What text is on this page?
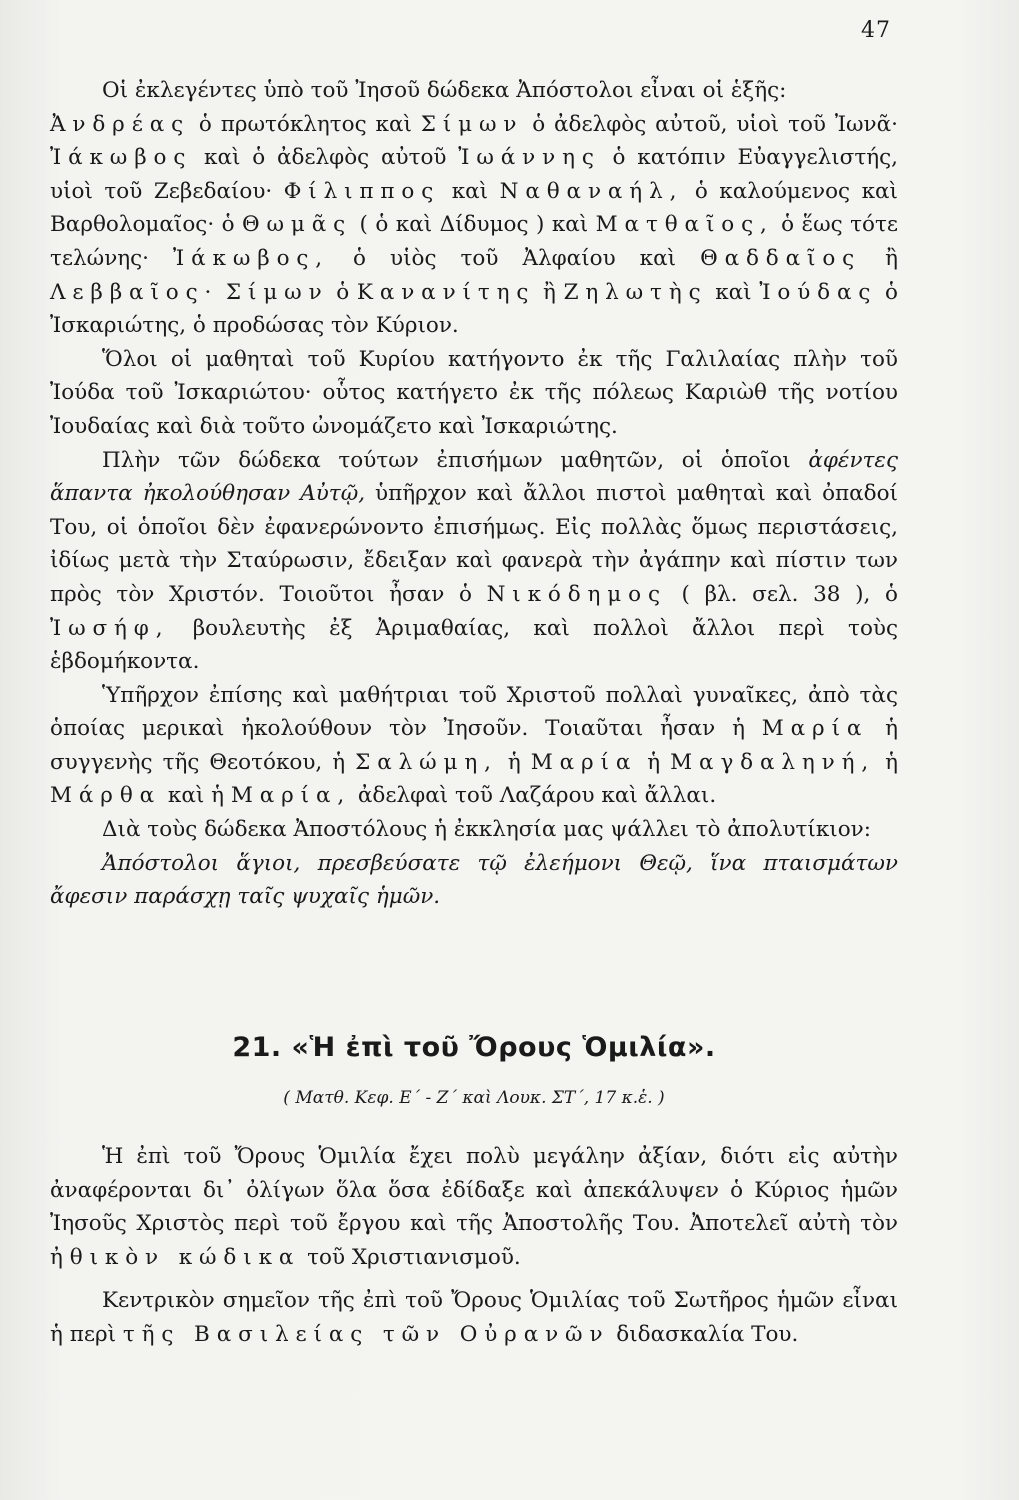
47

Οἱ ἐκλεγέντες ὑπὸ τοῦ Ἰησοῦ δώδεκα Ἀπόστολοι εἶναι οἱ ἑξῆς:
Ἀνδρέας ὁ πρωτόκλητος καὶ Σίμων ὁ ἀδελφὸς αὐτοῦ, υἱοὶ τοῦ Ἰωνᾶ· Ἰάκωβος καὶ ὁ ἀδελφὸς αὐτοῦ Ἰωάννης ὁ κατόπιν Εὐαγγελιστής, υἱοὶ τοῦ Ζεβεδαίου· Φίλιππος καὶ Ναθαναήλ, ὁ καλούμενος καὶ Βαρθολομαῖος· ὁ Θωμᾶς ( ὁ καὶ Δίδυμος ) καὶ Ματθαῖος, ὁ ἕως τότε τελώνης· Ἰάκωβος, ὁ υἱὸς τοῦ Ἀλφαίου καὶ Θαδδαῖος ἢ Λεββαῖος· Σίμων ὁ Κανανίτης ἢ Ζηλωτὴς καὶ Ἰούδας ὁ Ἰσκαριώτης, ὁ προδώσας τὸν Κύριον.

Ὅλοι οἱ μαθηταὶ τοῦ Κυρίου κατήγοντο ἐκ τῆς Γαλιλαίας πλὴν τοῦ Ἰούδα τοῦ Ἰσκαριώτου· οὗτος κατήγετο ἐκ τῆς πόλεως Καριὼθ τῆς νοτίου Ἰουδαίας καὶ διὰ τοῦτο ὠνομάζετο καὶ Ἰσκαριώτης.

Πλὴν τῶν δώδεκα τούτων ἐπισήμων μαθητῶν, οἱ ὁποῖοι ἀφέντες ἅπαντα ἠκολούθησαν Αὐτῷ, ὑπῆρχον καὶ ἄλλοι πιστοὶ μαθηταὶ καὶ ὀπαδοί Του, οἱ ὁποῖοι δὲν ἐφανερώνοντο ἐπισήμως. Εἰς πολλὰς ὅμως περιστάσεις, ἰδίως μετὰ τὴν Σταύρωσιν, ἔδειξαν καὶ φανερὰ τὴν ἀγάπην καὶ πίστιν των πρὸς τὸν Χριστόν. Τοιοῦτοι ἦσαν ὁ Νικόδημος ( βλ. σελ. 38 ), ὁ Ἰωσήφ, βουλευτὴς ἐξ Ἀριμαθαίας, καὶ πολλοὶ ἄλλοι περὶ τοὺς ἑβδομήκοντα.

Ὑπῆρχον ἐπίσης καὶ μαθήτριαι τοῦ Χριστοῦ πολλαὶ γυναῖκες, ἀπὸ τὰς ὁποίας μερικαὶ ἠκολούθουν τὸν Ἰησοῦν. Τοιαῦται ἦσαν ἡ Μαρία ἡ συγγενὴς τῆς Θεοτόκου, ἡ Σαλώμη, ἡ Μαρία ἡ Μαγδαληνή, ἡ Μάρθα καὶ ἡ Μαρία, ἀδελφαὶ τοῦ Λαζάρου καὶ ἄλλαι.

Διὰ τοὺς δώδεκα Ἀποστόλους ἡ ἐκκλησία μας ψάλλει τὸ ἀπολυτίκιον:

Ἀπόστολοι ἅγιοι, πρεσβεύσατε τῷ ἐλεήμονι Θεῷ, ἵνα πταισμάτων ἄφεσιν παράσχῃ ταῖς ψυχαῖς ἡμῶν.

21. «Ἡ ἐπὶ τοῦ Ὄρους Ὁμιλία».
( Ματθ. Κεφ. Ε΄ - Ζ΄ καὶ Λουκ. ΣΤ΄, 17 κ.ἑ. )

Ἡ ἐπὶ τοῦ Ὄρους Ὁμιλία ἔχει πολὺ μεγάλην ἀξίαν, διότι εἰς αὐτὴν ἀναφέρονται δι᾽ ὀλίγων ὅλα ὅσα ἐδίδαξε καὶ ἀπεκάλυψεν ὁ Κύριος ἡμῶν Ἰησοῦς Χριστὸς περὶ τοῦ ἔργου καὶ τῆς Ἀποστολῆς Του. Ἀποτελεῖ αὐτὴ τὸν ἠθικὸν κώδικα τοῦ Χριστιανισμοῦ.

Κεντρικὸν σημεῖον τῆς ἐπὶ τοῦ Ὄρους Ὁμιλίας τοῦ Σωτῆρος ἡμῶν εἶναι ἡ περὶ τῆς Βασιλείας τῶν Οὐρανῶν διδασκαλία Του.
